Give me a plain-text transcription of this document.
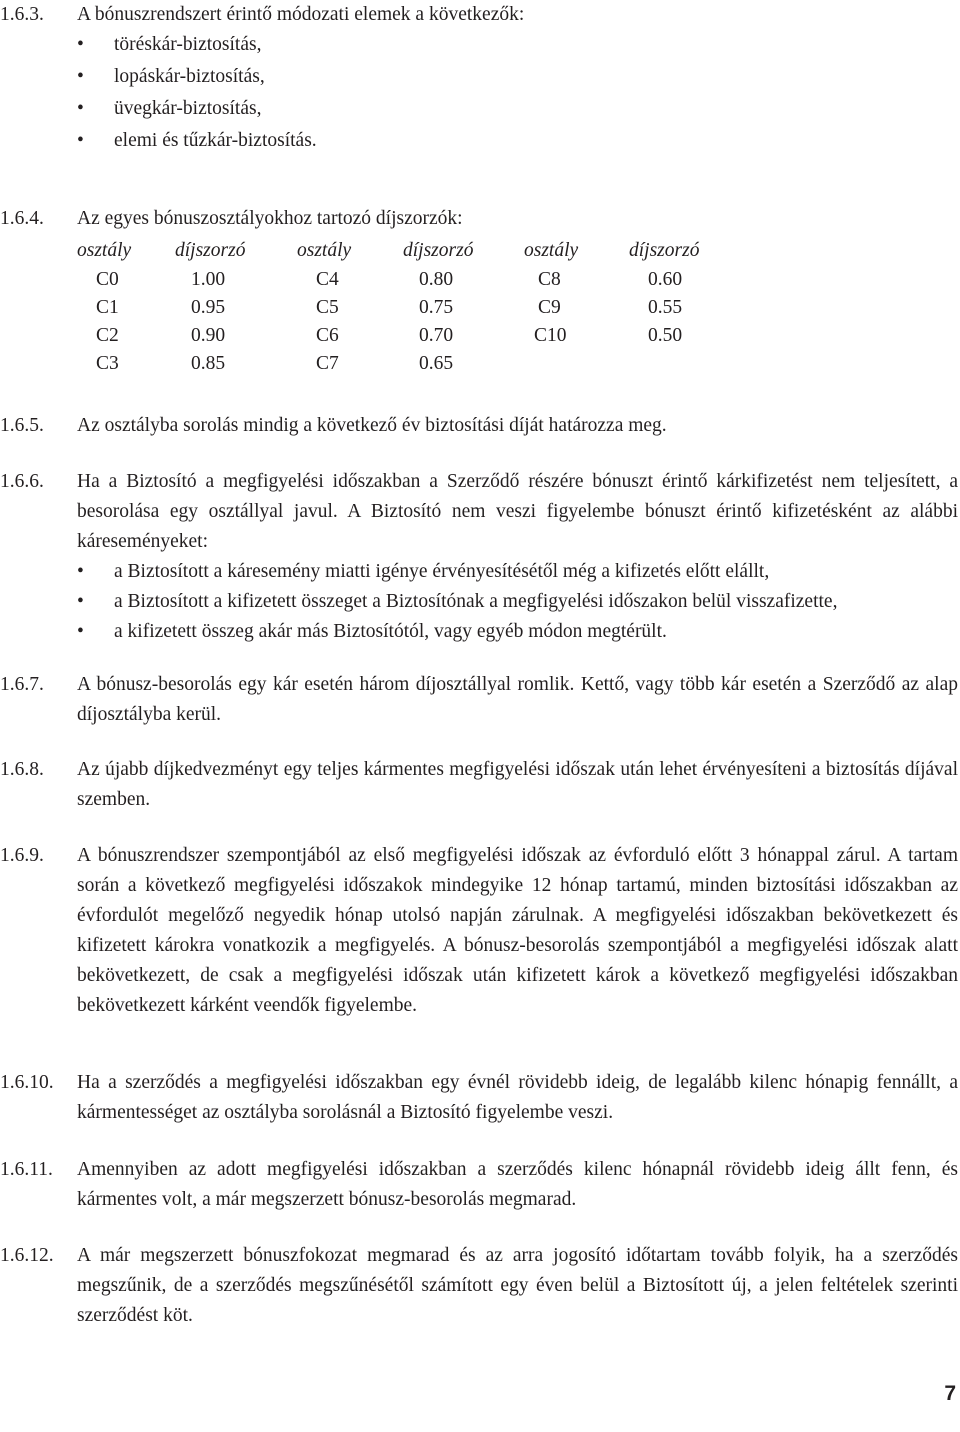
1.6.3. A bónuszrendszert érintő módozati elemek a következők:

• töréskár-biztosítás,
• lopáskár-biztosítás,
• üvegkár-biztosítás,
• elemi és tűzkár-biztosítás.
1.6.4. Az egyes bónuszosztályokhoz tartozó díjszorzók:

osztály díjszorzó	osztály	díjszorzó	osztály	díjszorzó
C0	1.00	C4	0.80	C8	0.60
C1	0.95	C5	0.75	C9	0.55
C2	0.90	C6	0.70	C10	0.50
C3	0.85	C7	0.65
1.6.5. Az osztályba sorolás mindig a következő év biztosítási díját határozza meg.

1.6.6. Ha a Biztosító a megfigyelési időszakban a Szerződő részére bónuszt érintő kárkifizetést nem teljesített, a besorolása egy osztállyal javul. A Biztosító nem veszi figyelembe bónuszt érintő kifizetésként az alábbi káreseményeket:

• a Biztosított a káresemény miatti igénye érvényesítésétől még a kifizetés előtt elállt,
• a Biztosított a kifizetett összeget a Biztosítónak a megfigyelési időszakon belül visszafizette,
• a kifizetett összeg akár más Biztosítótól, vagy egyéb módon megtérült.
1.6.7. A bónusz-besorolás egy kár esetén három díjosztállyal romlik. Kettő, vagy több kár esetén a Szerződő az alap díjosztályba kerül.

1.6.8. Az újabb díjkedvezményt egy teljes kármentes megfigyelési időszak után lehet érvényesíteni a biztosítás díjával szemben.

1.6.9. A bónuszrendszer szempontjából az első megfigyelési időszak az évforduló előtt 3 hónappal zárul. A tartam során a következő megfigyelési időszakok mindegyike 12 hónap tartamú, minden biztosítási időszakban az évfordulót megelőző negyedik hónap utolsó napján zárulnak. A megfigyelési időszakban bekövetkezett és kifizetett károkra vonatkozik a megfigyelés. A bónusz-besorolás szempontjából a megfigyelési időszak alatt bekövetkezett, de csak a megfigyelési időszak után kifizetett károk a következő megfigyelési időszakban bekövetkezett kárként veendők figyelembe.

1.6.10. Ha a szerződés a megfigyelési időszakban egy évnél rövidebb ideig, de legalább kilenc hónapig fennállt, a kármentességet az osztályba sorolásnál a Biztosító figyelembe veszi.

1.6.11. Amennyiben az adott megfigyelési időszakban a szerződés kilenc hónapnál rövidebb ideig állt fenn, és kármentes volt, a már megszerzett bónusz-besorolás megmarad.

1.6.12. A már megszerzett bónuszfokozat megmarad és az arra jogosító időtartam tovább folyik, ha a szerződés megszűnik, de a szerződés megszűnésétől számított egy éven belül a Biztosított új, a jelen feltételek szerinti szerződést köt.

7
